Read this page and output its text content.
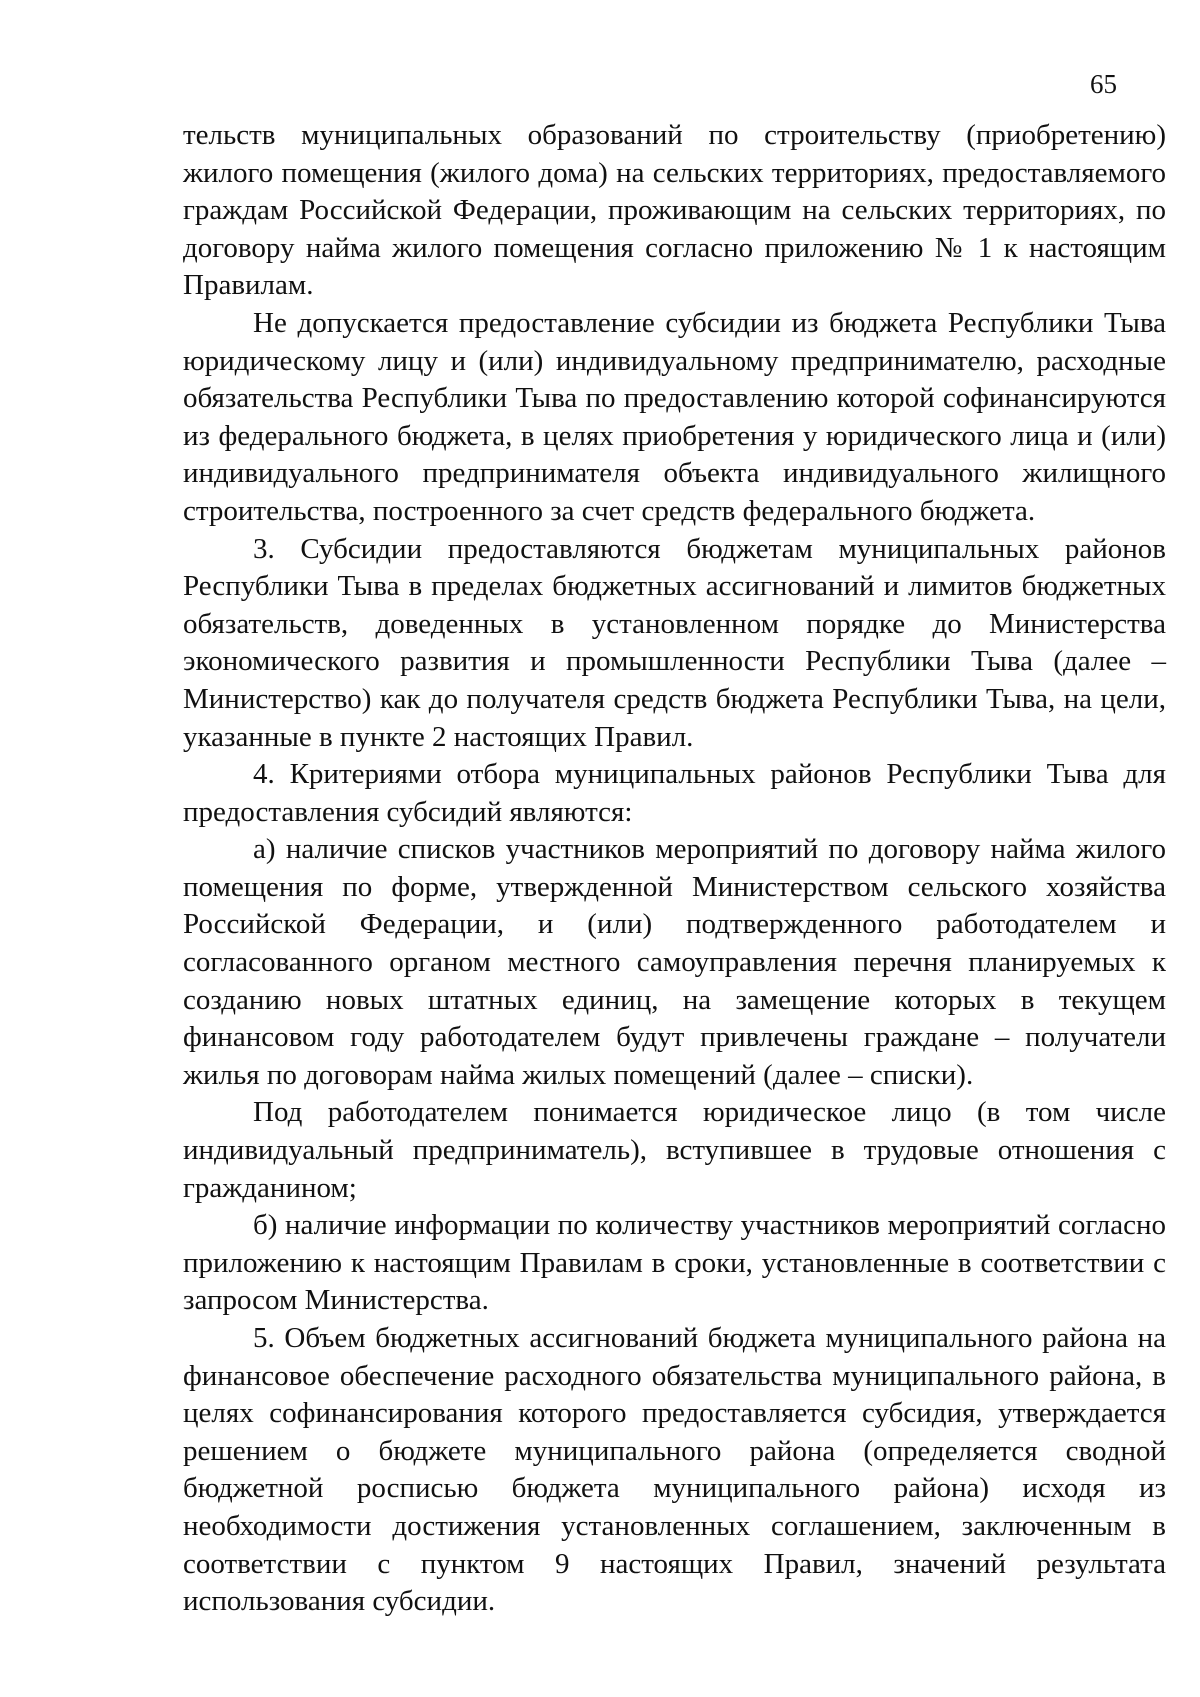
65

тельств муниципальных образований по строительству (приобретению) жилого помещения (жилого дома) на сельских территориях, предоставляемого граждам Российской Федерации, проживающим на сельских территориях, по договору найма жилого помещения согласно приложению № 1 к настоящим Правилам.

Не допускается предоставление субсидии из бюджета Республики Тыва юридическому лицу и (или) индивидуальному предпринимателю, расходные обязательства Республики Тыва по предоставлению которой софинансируются из федерального бюджета, в целях приобретения у юридического лица и (или) индивидуального предпринимателя объекта индивидуального жилищного строительства, построенного за счет средств федерального бюджета.

3. Субсидии предоставляются бюджетам муниципальных районов Республики Тыва в пределах бюджетных ассигнований и лимитов бюджетных обязательств, доведенных в установленном порядке до Министерства экономического развития и промышленности Республики Тыва (далее – Министерство) как до получателя средств бюджета Республики Тыва, на цели, указанные в пункте 2 настоящих Правил.

4. Критериями отбора муниципальных районов Республики Тыва для предоставления субсидий являются:

а) наличие списков участников мероприятий по договору найма жилого помещения по форме, утвержденной Министерством сельского хозяйства Российской Федерации, и (или) подтвержденного работодателем и согласованного органом местного самоуправления перечня планируемых к созданию новых штатных единиц, на замещение которых в текущем финансовом году работодателем будут привлечены граждане – получатели жилья по договорам найма жилых помещений (далее – списки).

Под работодателем понимается юридическое лицо (в том числе индивидуальный предприниматель), вступившее в трудовые отношения с гражданином;

б) наличие информации по количеству участников мероприятий согласно приложению к настоящим Правилам в сроки, установленные в соответствии с запросом Министерства.

5. Объем бюджетных ассигнований бюджета муниципального района на финансовое обеспечение расходного обязательства муниципального района, в целях софинансирования которого предоставляется субсидия, утверждается решением о бюджете муниципального района (определяется сводной бюджетной росписью бюджета муниципального района) исходя из необходимости достижения установленных соглашением, заключенным в соответствии с пунктом 9 настоящих Правил, значений результата использования субсидии.
